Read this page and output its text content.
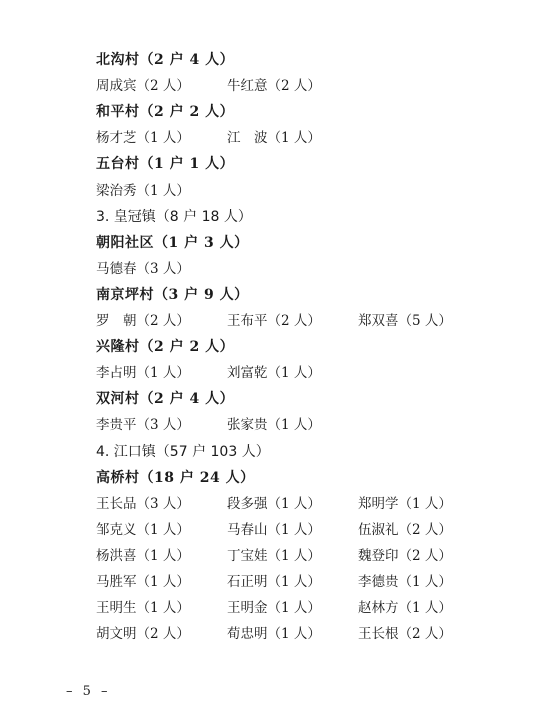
北沟村（2 户 4 人）
周成宾（2 人）	牛红意（2 人）
和平村（2 户 2 人）
杨才芝（1 人）	江　波（1 人）
五台村（1 户 1 人）
梁治秀（1 人）
3. 皇冠镇（8 户 18 人）
朝阳社区（1 户 3 人）
马德春（3 人）
南京坪村（3 户 9 人）
罗　朝（2 人）	王布平（2 人）	郑双喜（5 人）
兴隆村（2 户 2 人）
李占明（1 人）	刘富乾（1 人）
双河村（2 户 4 人）
李贵平（3 人）	张家贵（1 人）
4. 江口镇（57 户 103 人）
高桥村（18 户 24 人）
王长品（3 人）	段多强（1 人）	郑明学（1 人）
邹克义（1 人）	马春山（1 人）	伍淑礼（2 人）
杨洪喜（1 人）	丁宝娃（1 人）	魏登印（2 人）
马胜军（1 人）	石正明（1 人）	李德贵（1 人）
王明生（1 人）	王明金（1 人）	赵林方（1 人）
胡文明（2 人）	荀忠明（1 人）	王长根（2 人）
– 5 –
